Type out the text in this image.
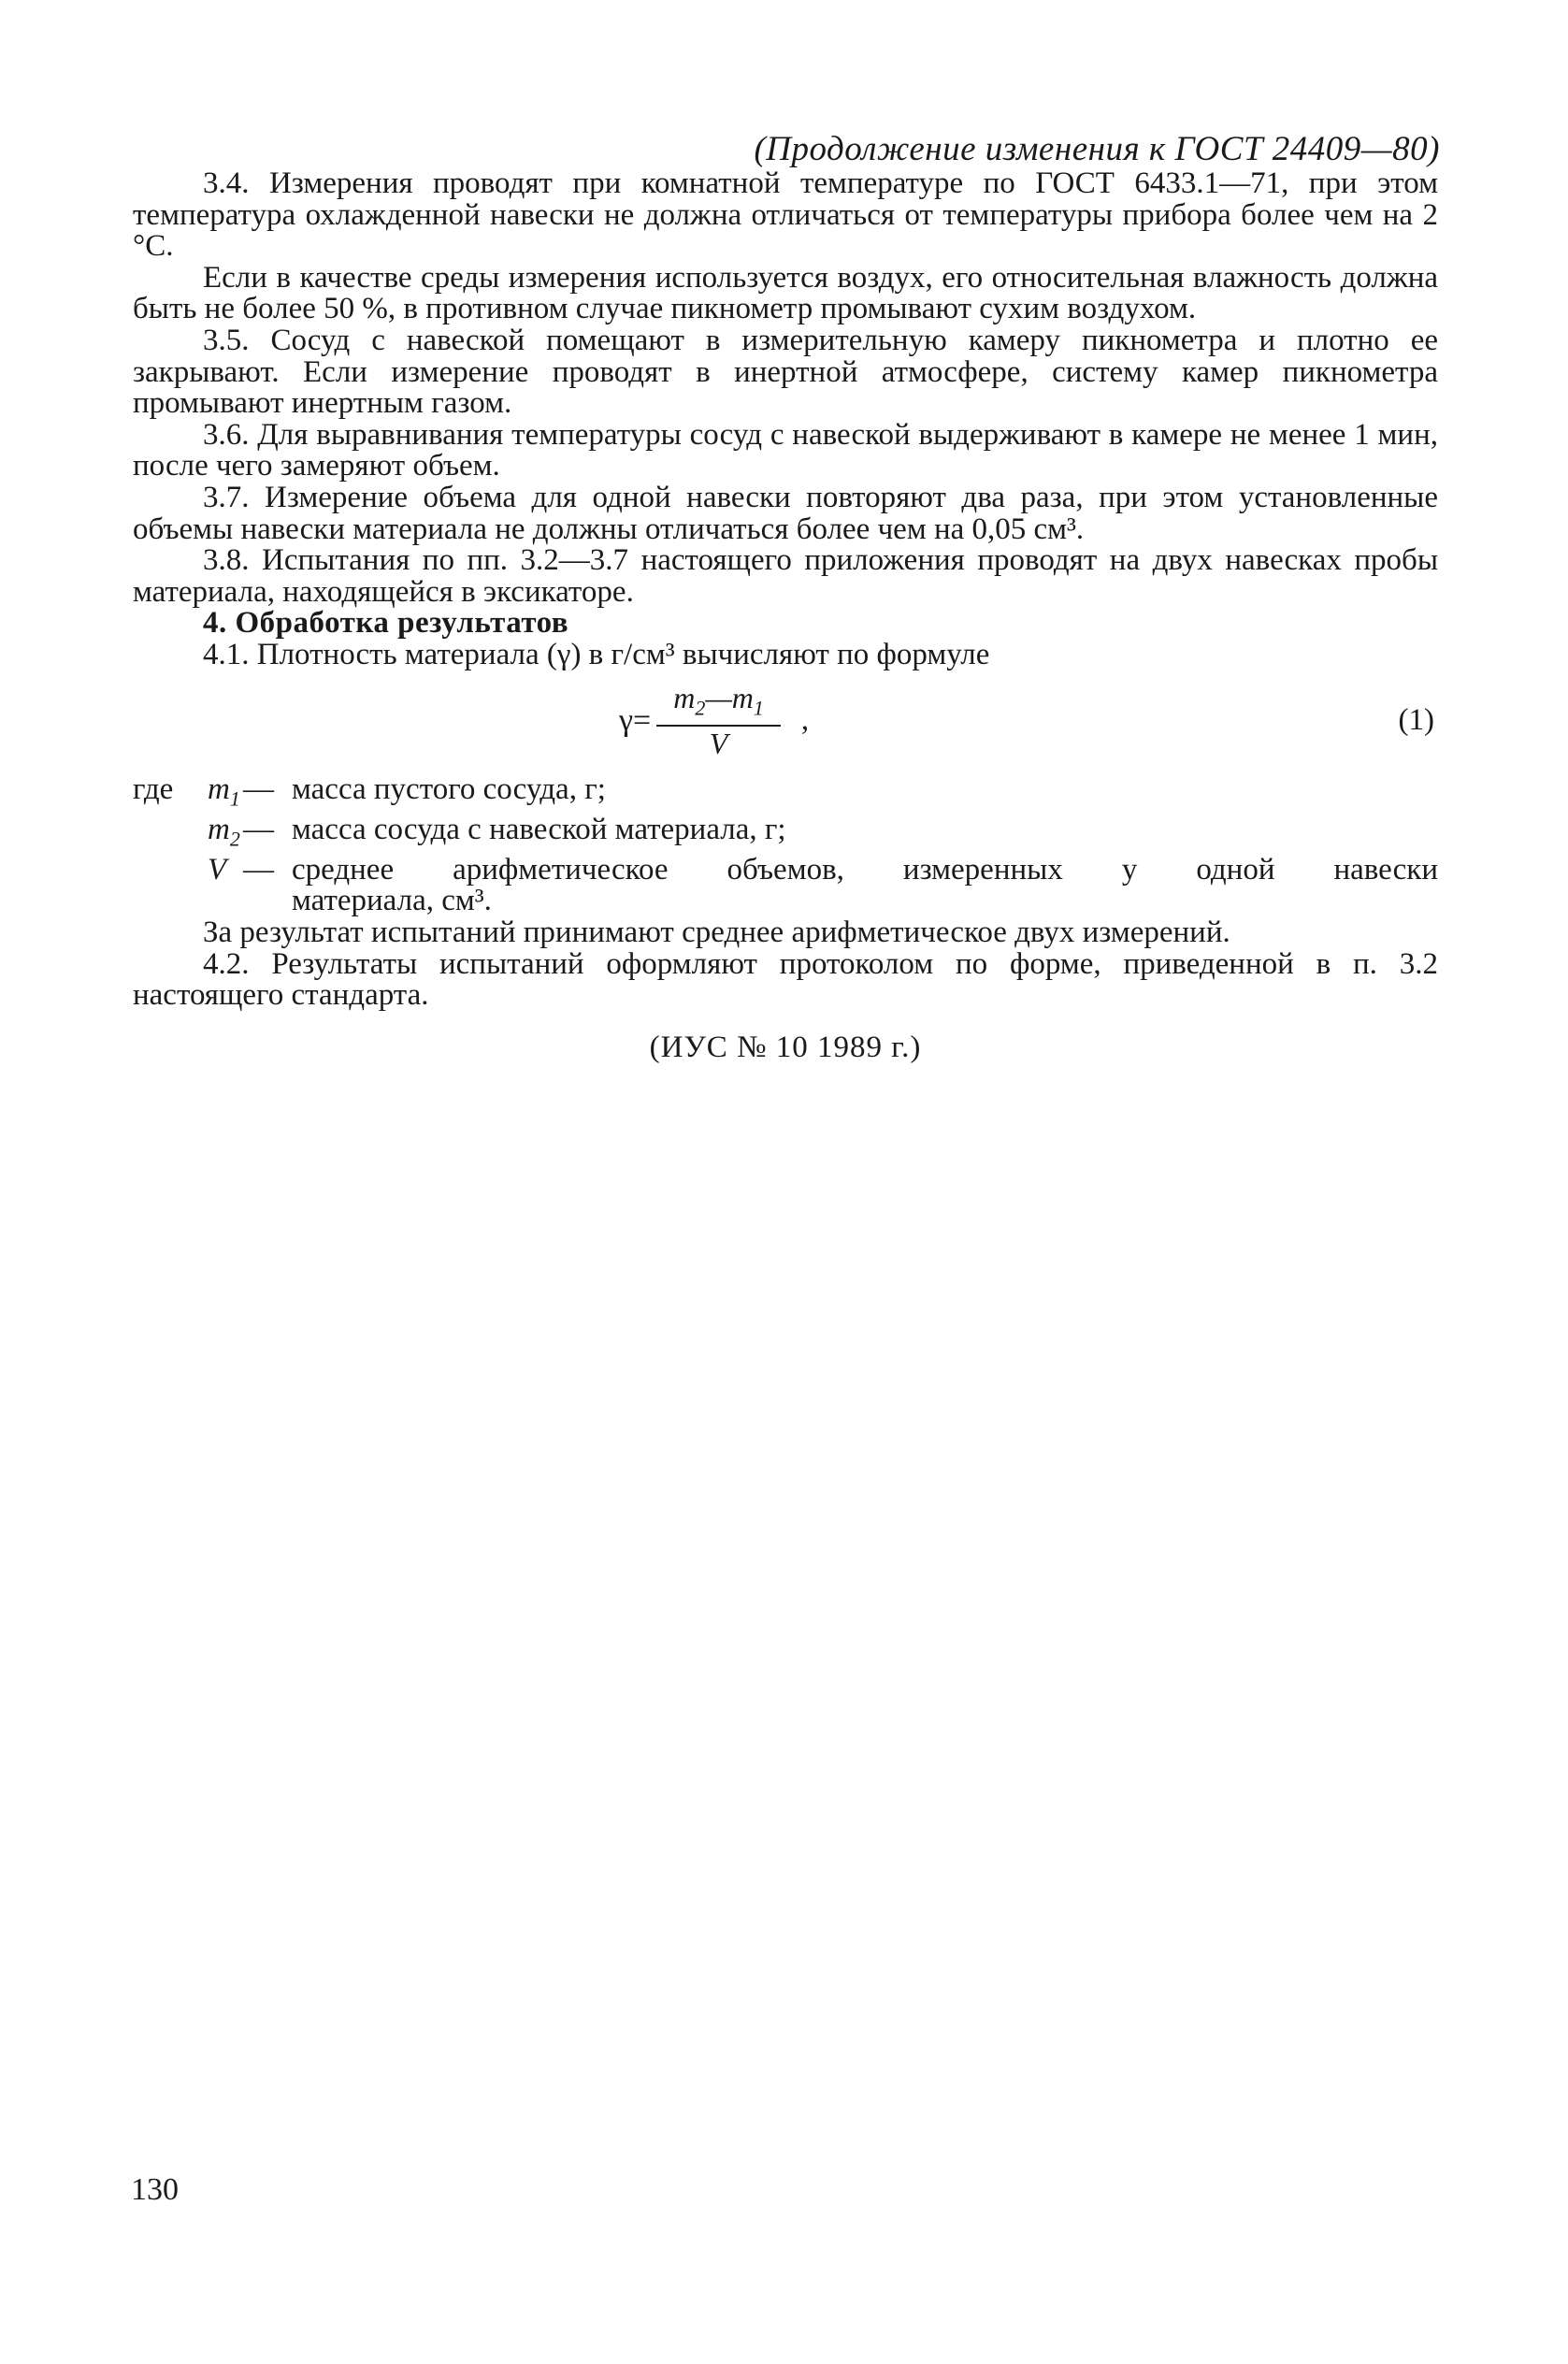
(Продолжение изменения к ГОСТ 24409—80)

3.4. Измерения проводят при комнатной температуре по ГОСТ 6433.1—71, при этом температура охлажденной навески не должна отличаться от температуры прибора более чем на 2 °С.

Если в качестве среды измерения используется воздух, его относительная влажность должна быть не более 50 %, в противном случае пикнометр промывают сухим воздухом.

3.5. Сосуд с навеской помещают в измерительную камеру пикнометра и плотно ее закрывают. Если измерение проводят в инертной атмосфере, систему камер пикнометра промывают инертным газом.

3.6. Для выравнивания температуры сосуд с навеской выдерживают в камере не менее 1 мин, после чего замеряют объем.

3.7. Измерение объема для одной навески повторяют два раза, при этом установленные объемы навески материала не должны отличаться более чем на 0,05 см³.

3.8. Испытания по пп. 3.2—3.7 настоящего приложения проводят на двух навесках пробы материала, находящейся в эксикаторе.

4. Обработка результатов

4.1. Плотность материала (γ) в г/см³ вычисляют по формуле

$\gamma= \frac{m_2—m_1}{V}$ ,	(1)
где	$m_1$ — масса пустого сосуда, г;
$m_2$ — масса сосуда с навеской материала, г;
V — среднее арифметическое объемов, измеренных у одной навески
материала, см³.

За результат испытаний принимают среднее арифметическое двух измерений.

4.2. Результаты испытаний оформляют протоколом по форме, приведенной в п. 3.2 настоящего стандарта.

(ИУС № 10 1989 г.)
130
